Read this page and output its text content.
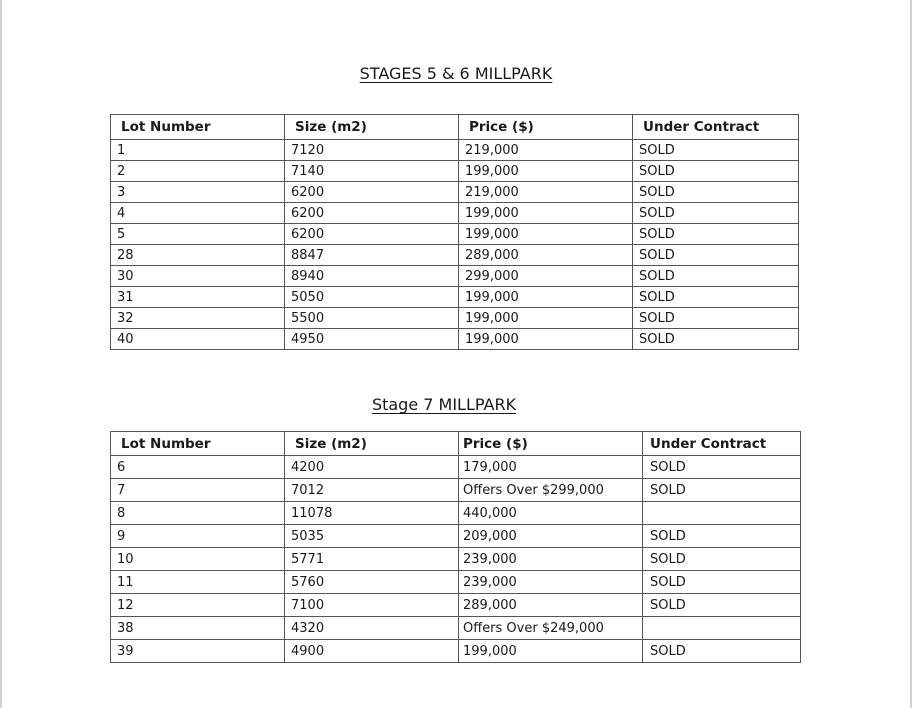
STAGES 5 & 6 MILLPARK
Lot Number	Size (m2)	Price ($)	Under Contract
1	7120	219,000	SOLD
2	7140	199,000	SOLD
3	6200	219,000	SOLD
4	6200	199,000	SOLD
5	6200	199,000	SOLD
28	8847	289,000	SOLD
30	8940	299,000	SOLD
31	5050	199,000	SOLD
32	5500	199,000	SOLD
40	4950	199,000	SOLD
Stage 7 MILLPARK
Lot Number	Size (m2)	Price ($)	Under Contract
6	4200	179,000	SOLD
7	7012	Offers Over $299,000	SOLD
8	11078	440,000	
9	5035	209,000	SOLD
10	5771	239,000	SOLD
11	5760	239,000	SOLD
12	7100	289,000	SOLD
38	4320	Offers Over $249,000	
39	4900	199,000	SOLD
